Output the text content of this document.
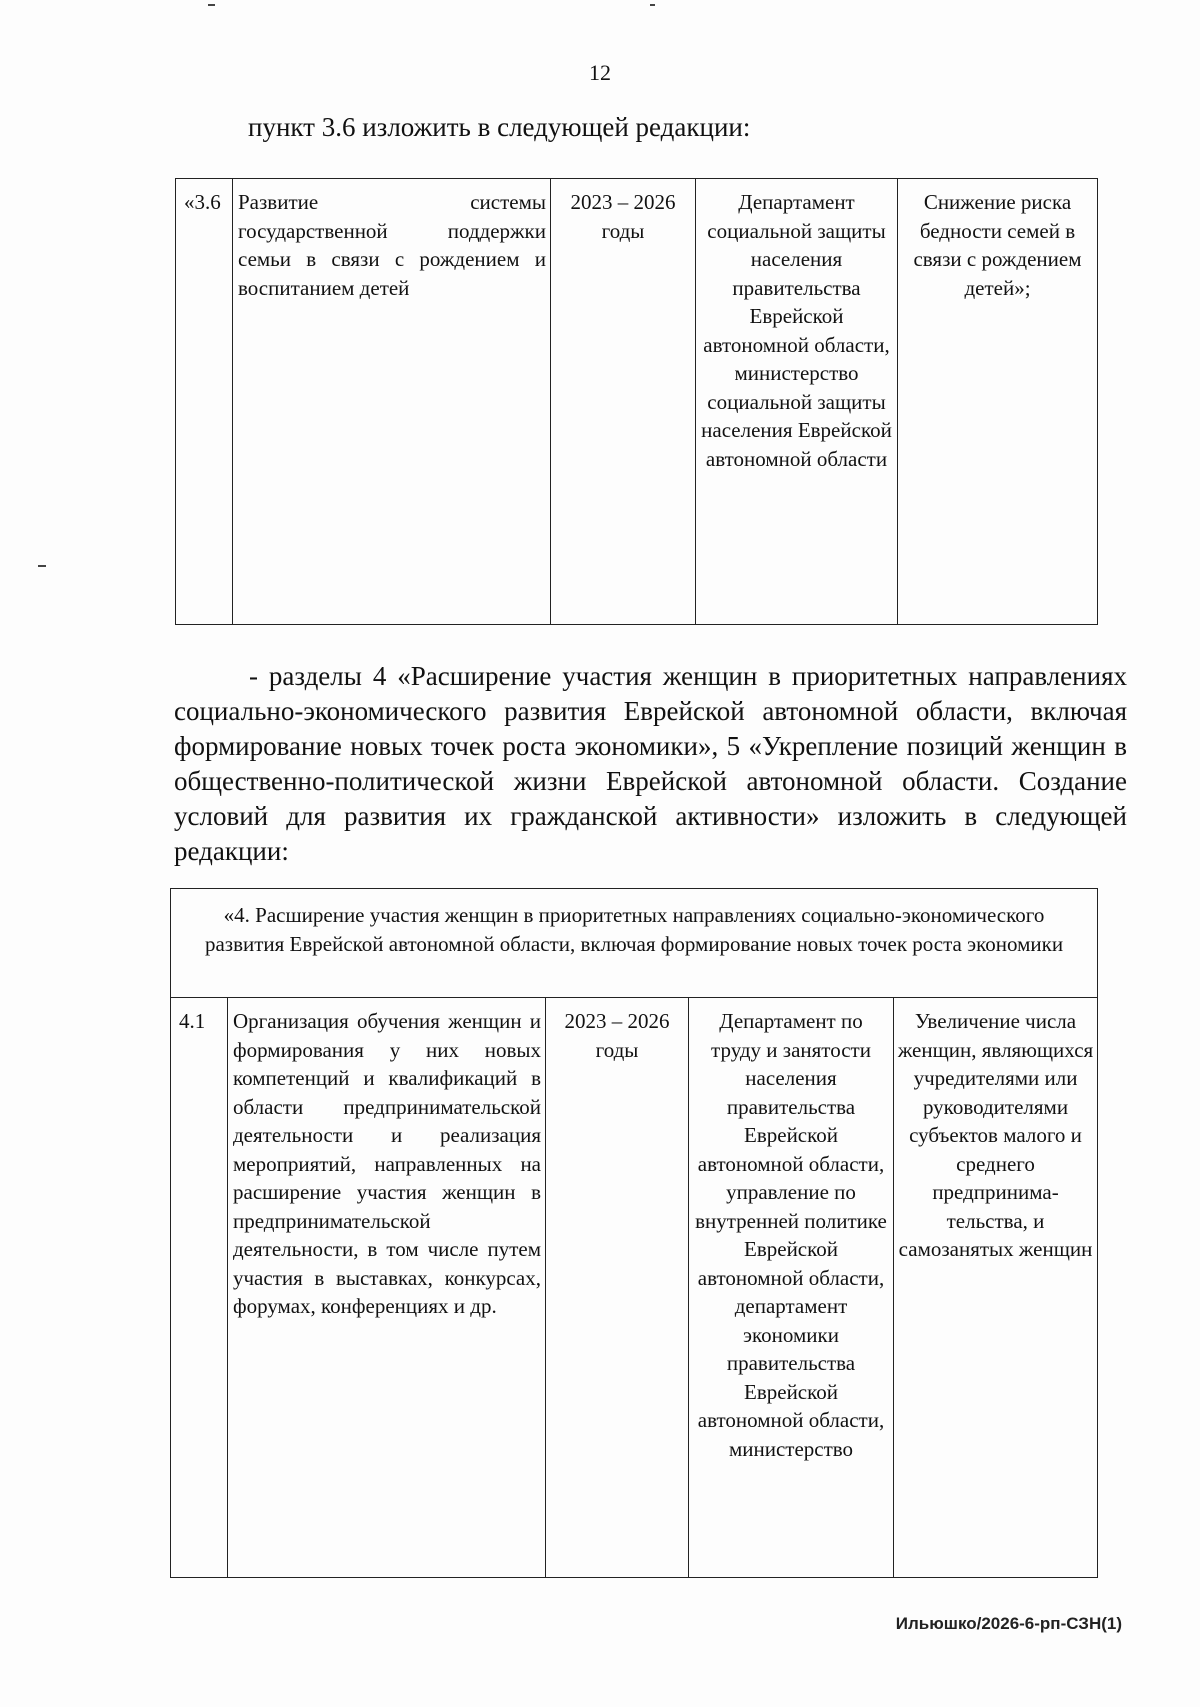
12
пункт 3.6 изложить в следующей редакции:
«3.6	Развитие системы государственной поддержки семьи в связи с рождением и воспитанием детей	2023 – 2026 годы	Департамент социальной защиты населения правительства Еврейской автономной области, министерство социальной защиты населения Еврейской автономной области	Снижение риска бедности семей в связи с рождением детей»;
- разделы 4 «Расширение участия женщин в приоритетных направлениях социально-экономического развития Еврейской автономной области, включая формирование новых точек роста экономики», 5 «Укрепление позиций женщин в общественно-политической жизни Еврейской автономной области. Создание условий для развития их гражданской активности» изложить в следующей редакции:
«4. Расширение участия женщин в приоритетных направлениях социально-экономического развития Еврейской автономной области, включая формирование новых точек роста экономики
4.1	Организация обучения женщин и формирования у них новых компетенций и квалификаций в области предпринимательской деятельности и реализация мероприятий, направленных на расширение участия женщин в предпринимательской деятельности, в том числе путем участия в выставках, конкурсах, форумах, конференциях и др.	2023 – 2026 годы	Департамент по труду и занятости населения правительства Еврейской автономной области, управление по внутренней политике Еврейской автономной области, департамент экономики правительства Еврейской автономной области, министерство	Увеличение числа женщин, являющихся учредителями или руководителями субъектов малого и среднего предпринима-тельства, и самозанятых женщин
Ильюшко/2026-6-рп-СЗН(1)
